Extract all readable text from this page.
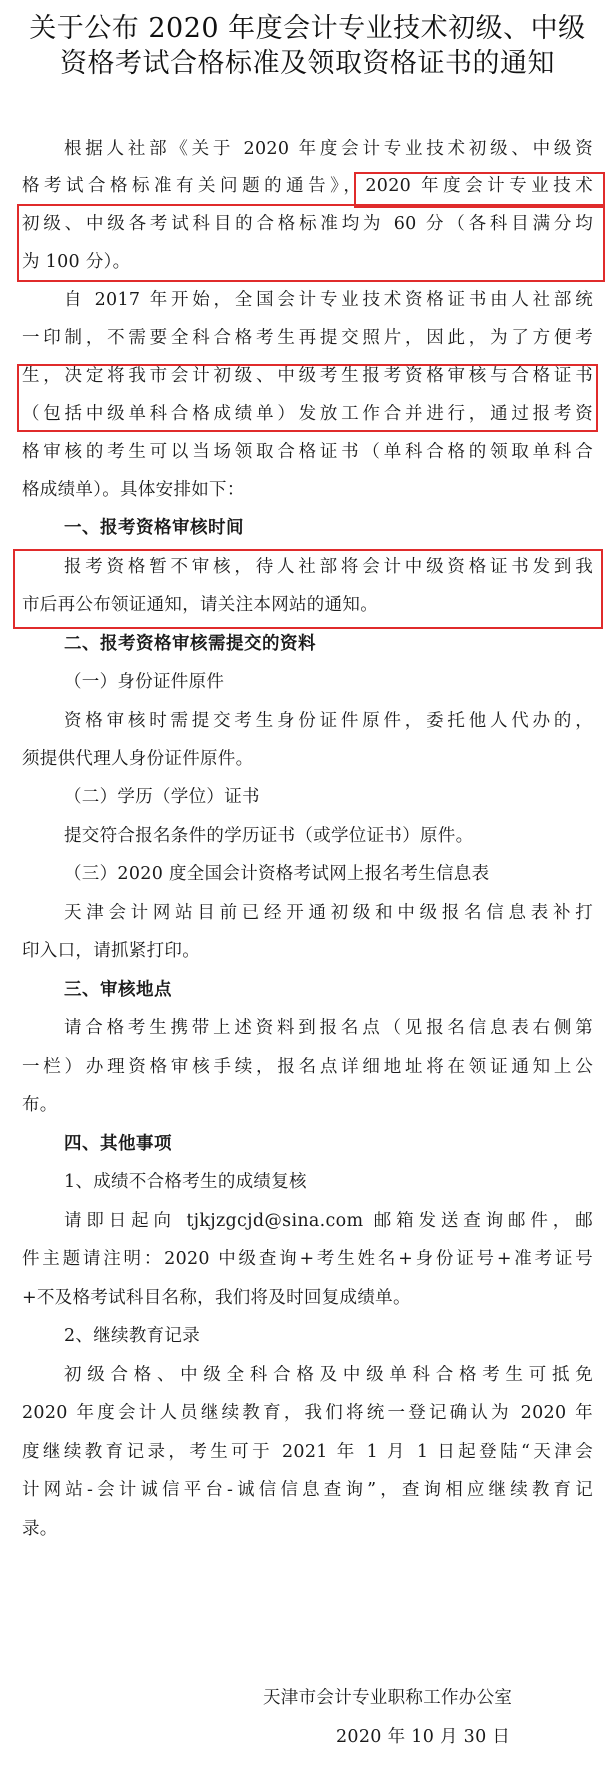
关于公布 2020 年度会计专业技术初级、中级
资格考试合格标准及领取资格证书的通知
根据人社部《关于 2020 年度会计专业技术初级、中级资
格考试合格标准有关问题的通告》，2020 年度会计专业技术
初级、中级各考试科目的合格标准均为 60 分（各科目满分均
为 100 分）。
自 2017 年开始，全国会计专业技术资格证书由人社部统
一印制，不需要全科合格考生再提交照片，因此，为了方便考
生，决定将我市会计初级、中级考生报考资格审核与合格证书
（包括中级单科合格成绩单）发放工作合并进行，通过报考资
格审核的考生可以当场领取合格证书（单科合格的领取单科合
格成绩单）。具体安排如下：
一、报考资格审核时间
报考资格暂不审核，待人社部将会计中级资格证书发到我
市后再公布领证通知，请关注本网站的通知。
二、报考资格审核需提交的资料
（一）身份证件原件
资格审核时需提交考生身份证件原件，委托他人代办的，
须提供代理人身份证件原件。
（二）学历（学位）证书
提交符合报名条件的学历证书（或学位证书）原件。
（三）2020 度全国会计资格考试网上报名考生信息表
天津会计网站目前已经开通初级和中级报名信息表补打
印入口，请抓紧打印。
三、审核地点
请合格考生携带上述资料到报名点（见报名信息表右侧第
一栏）办理资格审核手续，报名点详细地址将在领证通知上公
布。
四、其他事项
1、成绩不合格考生的成绩复核
请即日起向 tjkjzgcjd@sina.com 邮箱发送查询邮件，邮
件主题请注明：2020 中级查询+考生姓名+身份证号+准考证号
+不及格考试科目名称，我们将及时回复成绩单。
2、继续教育记录
初级合格、中级全科合格及中级单科合格考生可抵免
2020 年度会计人员继续教育，我们将统一登记确认为 2020 年
度继续教育记录，考生可于 2021 年 1 月 1 日起登陆“天津会
计网站-会计诚信平台-诚信信息查询”，查询相应继续教育记
录。
天津市会计专业职称工作办公室
2020 年 10 月 30 日
